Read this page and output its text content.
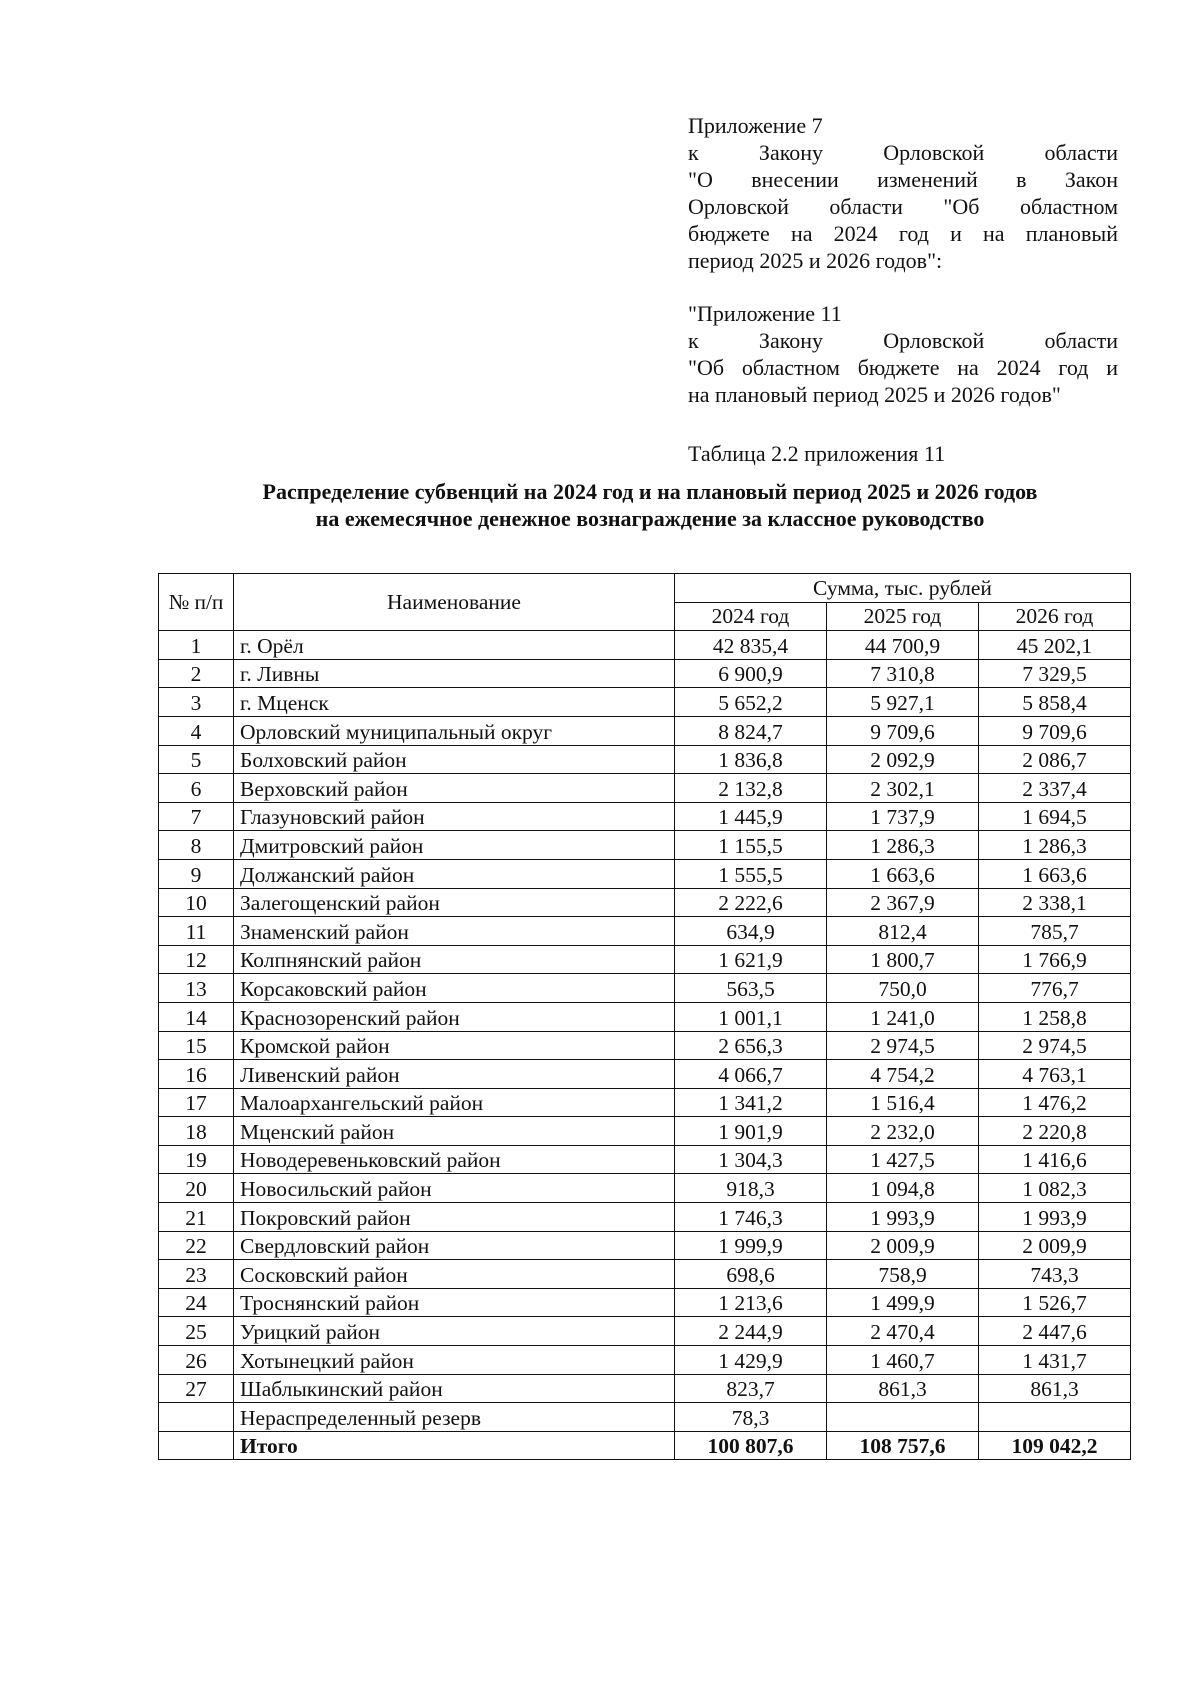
Приложение 7

к Закону Орловской области

"О внесении изменений в Закон

Орловской области "Об областном

бюджете на 2024 год и на плановый

период 2025 и 2026 годов":

"Приложение 11

к Закону Орловской области

"Об областном бюджете на 2024 год и

на плановый период 2025 и 2026 годов"

Таблица 2.2 приложения 11

Распределение субвенций на 2024 год и на плановый период 2025 и 2026 годов
на ежемесячное денежное вознаграждение за классное руководство
№ п/п	Наименование	Сумма, тыс. рублей		
		2024 год	2025 год	2026 год
1	г. Орёл	42 835,4	44 700,9	45 202,1
2	г. Ливны	6 900,9	7 310,8	7 329,5
3	г. Мценск	5 652,2	5 927,1	5 858,4
4	Орловский муниципальный округ	8 824,7	9 709,6	9 709,6
5	Болховский район	1 836,8	2 092,9	2 086,7
6	Верховский район	2 132,8	2 302,1	2 337,4
7	Глазуновский район	1 445,9	1 737,9	1 694,5
8	Дмитровский район	1 155,5	1 286,3	1 286,3
9	Должанский район	1 555,5	1 663,6	1 663,6
10	Залегощенский район	2 222,6	2 367,9	2 338,1
11	Знаменский район	634,9	812,4	785,7
12	Колпнянский район	1 621,9	1 800,7	1 766,9
13	Корсаковский район	563,5	750,0	776,7
14	Краснозоренский район	1 001,1	1 241,0	1 258,8
15	Кромской район	2 656,3	2 974,5	2 974,5
16	Ливенский район	4 066,7	4 754,2	4 763,1
17	Малоархангельский район	1 341,2	1 516,4	1 476,2
18	Мценский район	1 901,9	2 232,0	2 220,8
19	Новодеревеньковский район	1 304,3	1 427,5	1 416,6
20	Новосильский район	918,3	1 094,8	1 082,3
21	Покровский район	1 746,3	1 993,9	1 993,9
22	Свердловский район	1 999,9	2 009,9	2 009,9
23	Сосковский район	698,6	758,9	743,3
24	Троснянский район	1 213,6	1 499,9	1 526,7
25	Урицкий район	2 244,9	2 470,4	2 447,6
26	Хотынецкий район	1 429,9	1 460,7	1 431,7
27	Шаблыкинский район	823,7	861,3	861,3
	Нераспределенный резерв	78,3		
	Итого	100 807,6	108 757,6	109 042,2
